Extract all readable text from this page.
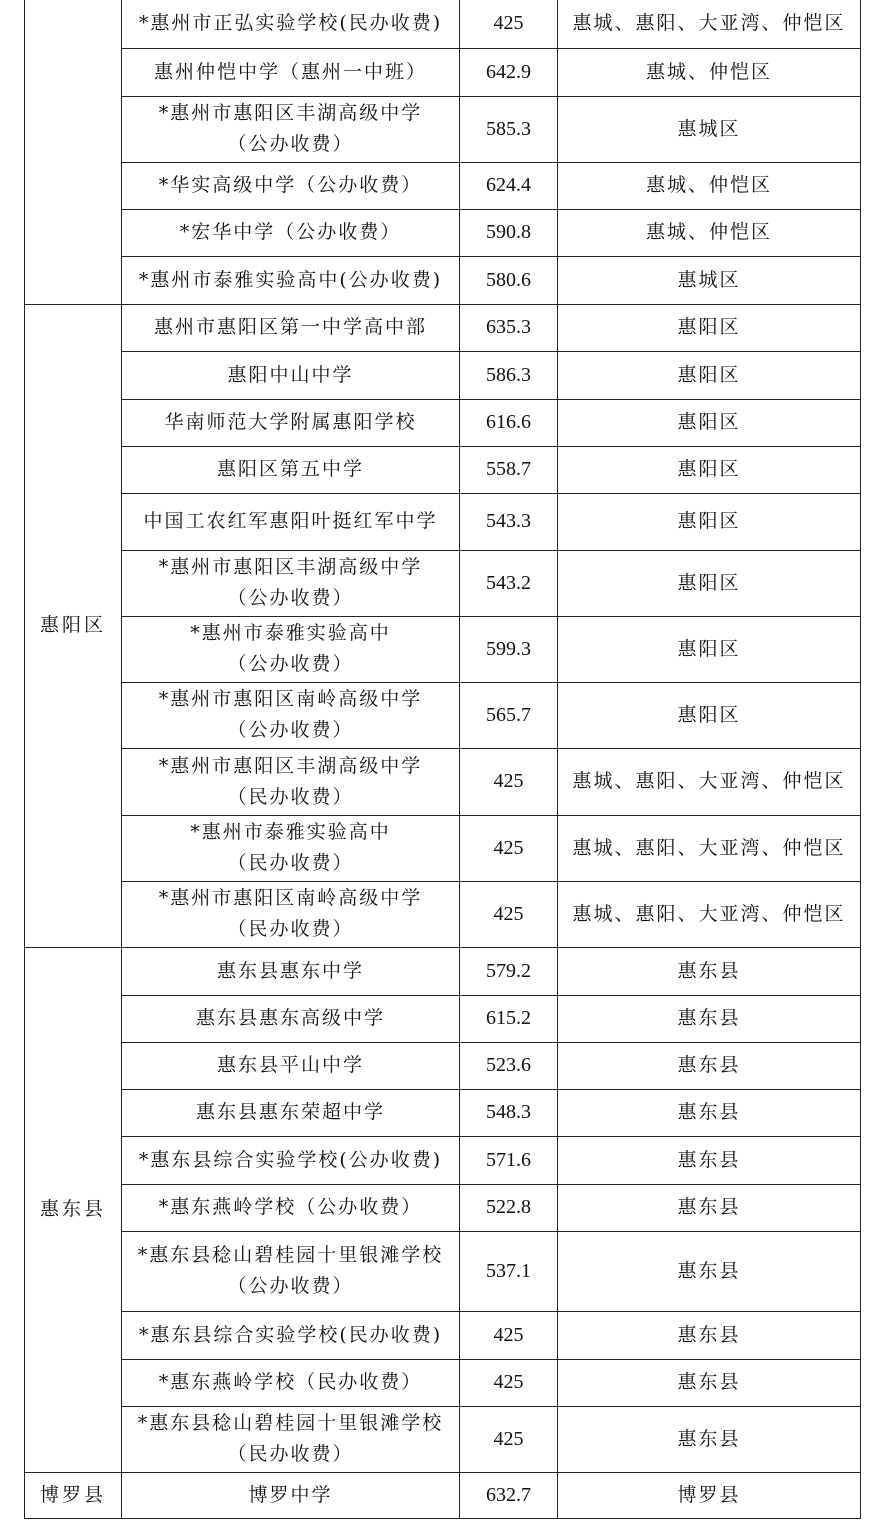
	*惠州市正弘实验学校(民办收费)	425	惠城、惠阳、大亚湾、仲恺区

	惠州仲恺中学（惠州一中班）	642.9	惠城、仲恺区

	*惠州市惠阳区丰湖高级中学
（公办收费）	585.3	惠城区

	*华实高级中学（公办收费）	624.4	惠城、仲恺区

	*宏华中学（公办收费）	590.8	惠城、仲恺区

	*惠州市泰雅实验高中(公办收费)	580.6	惠城区
惠阳区	惠州市惠阳区第一中学高中部	635.3	惠阳区

	惠阳中山中学	586.3	惠阳区

	华南师范大学附属惠阳学校	616.6	惠阳区

	惠阳区第五中学	558.7	惠阳区

	中国工农红军惠阳叶挺红军中学	543.3	惠阳区

	*惠州市惠阳区丰湖高级中学
（公办收费）	543.2	惠阳区

	*惠州市泰雅实验高中
（公办收费）	599.3	惠阳区

	*惠州市惠阳区南岭高级中学
（公办收费）	565.7	惠阳区

	*惠州市惠阳区丰湖高级中学
（民办收费）	425	惠城、惠阳、大亚湾、仲恺区

	*惠州市泰雅实验高中
（民办收费）	425	惠城、惠阳、大亚湾、仲恺区

	*惠州市惠阳区南岭高级中学
（民办收费）	425	惠城、惠阳、大亚湾、仲恺区
惠东县	惠东县惠东中学	579.2	惠东县

	惠东县惠东高级中学	615.2	惠东县

	惠东县平山中学	523.6	惠东县

	惠东县惠东荣超中学	548.3	惠东县

	*惠东县综合实验学校(公办收费)	571.6	惠东县

	*惠东燕岭学校（公办收费）	522.8	惠东县

	*惠东县稔山碧桂园十里银滩学校
（公办收费）	537.1	惠东县

	*惠东县综合实验学校(民办收费)	425	惠东县

	*惠东燕岭学校（民办收费）	425	惠东县

	*惠东县稔山碧桂园十里银滩学校
（民办收费）	425	惠东县
博罗县	博罗中学	632.7	博罗县
